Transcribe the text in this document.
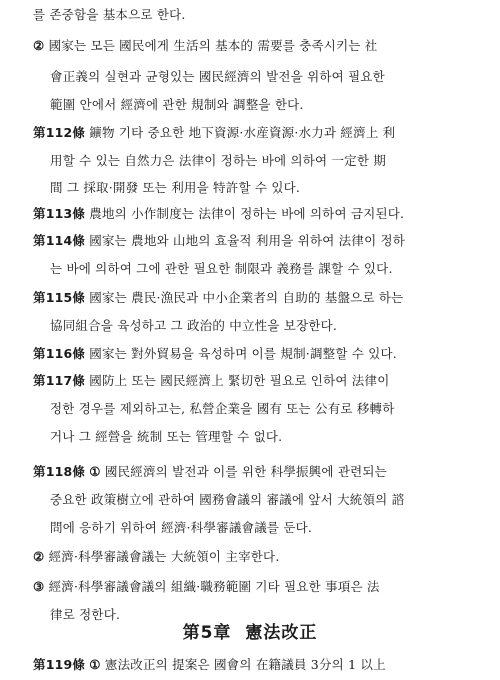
를 존중함을 基本으로 한다.
② 國家는 모든 國民에게 生活의 基本的 需要를 충족시키는 社
會正義의 실현과 균형있는 國民經濟의 발전을 위하여 필요한
範圍 안에서 經濟에 관한 規制와 調整을 한다.
第112條 鑛物 기타 중요한 地下資源·水産資源·水力과 經濟上 利
用할 수 있는 自然力은 法律이 정하는 바에 의하여 一定한 期
間 그 採取·開發 또는 利用을 特許할 수 있다.
第113條 農地의 小作制度는 法律이 정하는 바에 의하여 금지된다.
第114條 國家는 農地와 山地의 효율적 利用을 위하여 法律이 정하
는 바에 의하여 그에 관한 필요한 制限과 義務를 課할 수 있다.
第115條 國家는 農民·漁民과 中小企業者의 自助的 基盤으로 하는
協同組合을 육성하고 그 政治的 中立性을 보장한다.
第116條 國家는 對外貿易을 육성하며 이를 規制·調整할 수 있다.
第117條 國防上 또는 國民經濟上 緊切한 필요로 인하여 法律이
정한 경우를 제외하고는, 私營企業을 國有 또는 公有로 移轉하
거나 그 經營을 統制 또는 管理할 수 없다.
第118條 ① 國民經濟의 발전과 이를 위한 科學振興에 관련되는
중요한 政策樹立에 관하여 國務會議의 審議에 앞서 大統領의 諮
問에 응하기 위하여 經濟·科學審議會議를 둔다.
② 經濟·科學審議會議는 大統領이 主宰한다.
③ 經濟·科學審議會議의 組織·職務範圍 기타 필요한 事項은 法
律로 정한다.
第5章 憲法改正
第119條 ① 憲法改正의 提案은 國會의 在籍議員 3分의 1 以上
